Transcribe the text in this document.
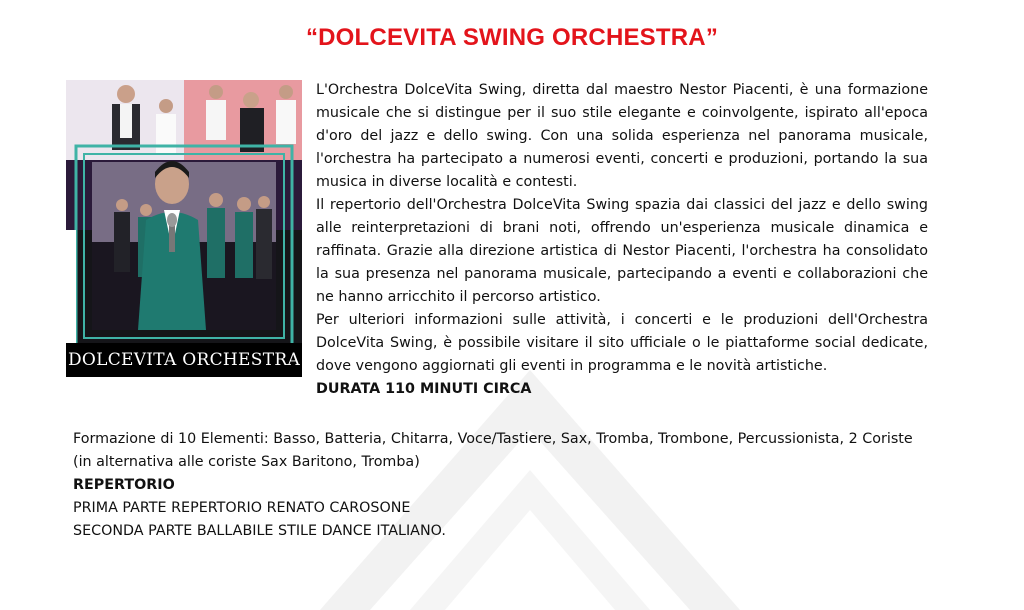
“DOLCEVITA SWING ORCHESTRA”
DOLCEVITA ORCHESTRA

L'Orchestra DolceVita Swing, diretta dal maestro Nestor Piacenti, è una formazione musicale che si distingue per il suo stile elegante e coinvolgente, ispirato all'epoca d'oro del jazz e dello swing. Con una solida esperienza nel panorama musicale, l'orchestra ha partecipato a numerosi eventi, concerti e produzioni, portando la sua musica in diverse località e contesti.

Il repertorio dell'Orchestra DolceVita Swing spazia dai classici del jazz e dello swing alle reinterpretazioni di brani noti, offrendo un'esperienza musicale dinamica e raffinata. Grazie alla direzione artistica di Nestor Piacenti, l'orchestra ha consolidato la sua presenza nel panorama musicale, partecipando a eventi e collaborazioni che ne hanno arricchito il percorso artistico.

Per ulteriori informazioni sulle attività, i concerti e le produzioni dell'Orchestra DolceVita Swing, è possibile visitare il sito ufficiale o le piattaforme social dedicate, dove vengono aggiornati gli eventi in programma e le novità artistiche.

DURATA 110 MINUTI CIRCA

Formazione di 10 Elementi: Basso, Batteria, Chitarra, Voce/Tastiere, Sax, Tromba, Trombone, Percussionista, 2 Coriste (in alternativa alle coriste Sax Baritono, Tromba)

REPERTORIO

PRIMA PARTE REPERTORIO RENATO CAROSONE

SECONDA PARTE BALLABILE STILE DANCE ITALIANO.
